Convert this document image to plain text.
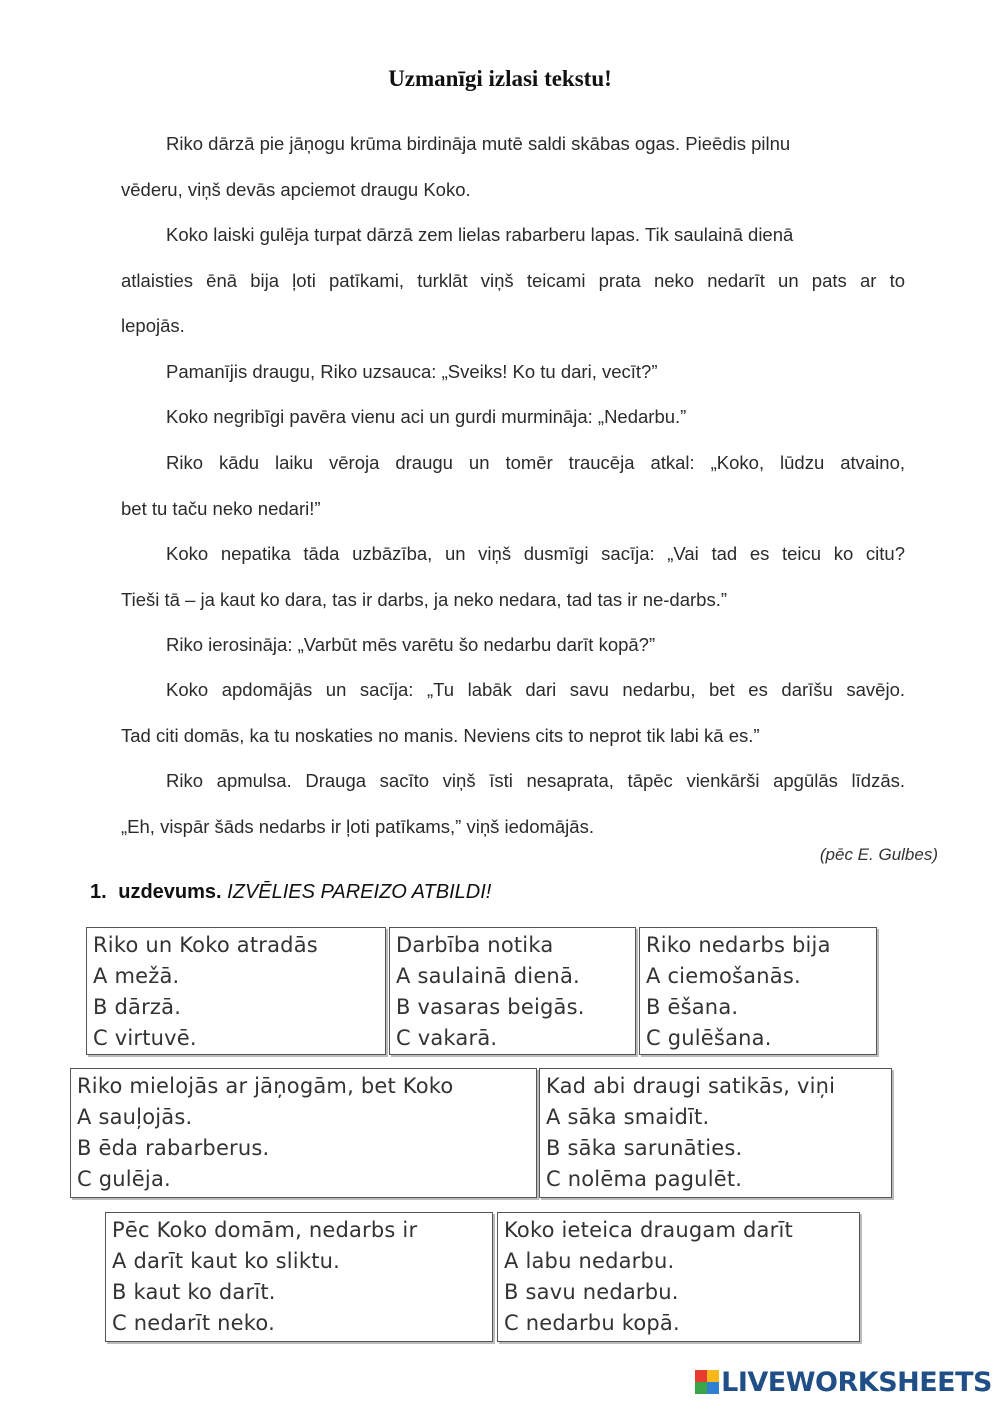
Uzmanīgi izlasi tekstu!

Riko dārzā pie jāņogu krūma birdināja mutē saldi skābas ogas. Pieēdis pilnu
vēderu, viņš devās apciemot draugu Koko.

Koko laiski gulēja turpat dārzā zem lielas rabarberu lapas. Tik saulainā dienā
atlaisties ēnā bija ļoti patīkami, turklāt viņš teicami prata neko nedarīt un pats ar to
lepojās.

Pamanījis draugu, Riko uzsauca: „Sveiks! Ko tu dari, vecīt?”

Koko negribīgi pavēra vienu aci un gurdi murmināja: „Nedarbu.”

Riko kādu laiku vēroja draugu un tomēr traucēja atkal: „Koko, lūdzu atvaino,
bet tu taču neko nedari!”

Koko nepatika tāda uzbāzība, un viņš dusmīgi sacīja: „Vai tad es teicu ko citu?
Tieši tā – ja kaut ko dara, tas ir darbs, ja neko nedara, tad tas ir ne-darbs.”

Riko ierosināja: „Varbūt mēs varētu šo nedarbu darīt kopā?”

Koko apdomājās un sacīja: „Tu labāk dari savu nedarbu, bet es darīšu savējo.
Tad citi domās, ka tu noskaties no manis. Neviens cits to neprot tik labi kā es.”

Riko apmulsa. Drauga sacīto viņš īsti nesaprata, tāpēc vienkārši apgūlās līdzās.
„Eh, vispār šāds nedarbs ir ļoti patīkams,” viņš iedomājās.

(pēc E. Gulbes)
1. uzdevums. IZVĒLIES PAREIZO ATBILDI!
Riko un Koko atradās
A mežā.
B dārzā.
C virtuvē.
Darbība notika
A saulainā dienā.
B vasaras beigās.
C vakarā.
Riko nedarbs bija
A ciemošanās.
B ēšana.
C gulēšana.
Riko mielojās ar jāņogām, bet Koko
A sauļojās.
B ēda rabarberus.
C gulēja.
Kad abi draugi satikās, viņi
A sāka smaidīt.
B sāka sarunāties.
C nolēma pagulēt.
Pēc Koko domām, nedarbs ir
A darīt kaut ko sliktu.
B kaut ko darīt.
C nedarīt neko.
Koko ieteica draugam darīt
A labu nedarbu.
B savu nedarbu.
C nedarbu kopā.
LIVEWORKSHEETS
